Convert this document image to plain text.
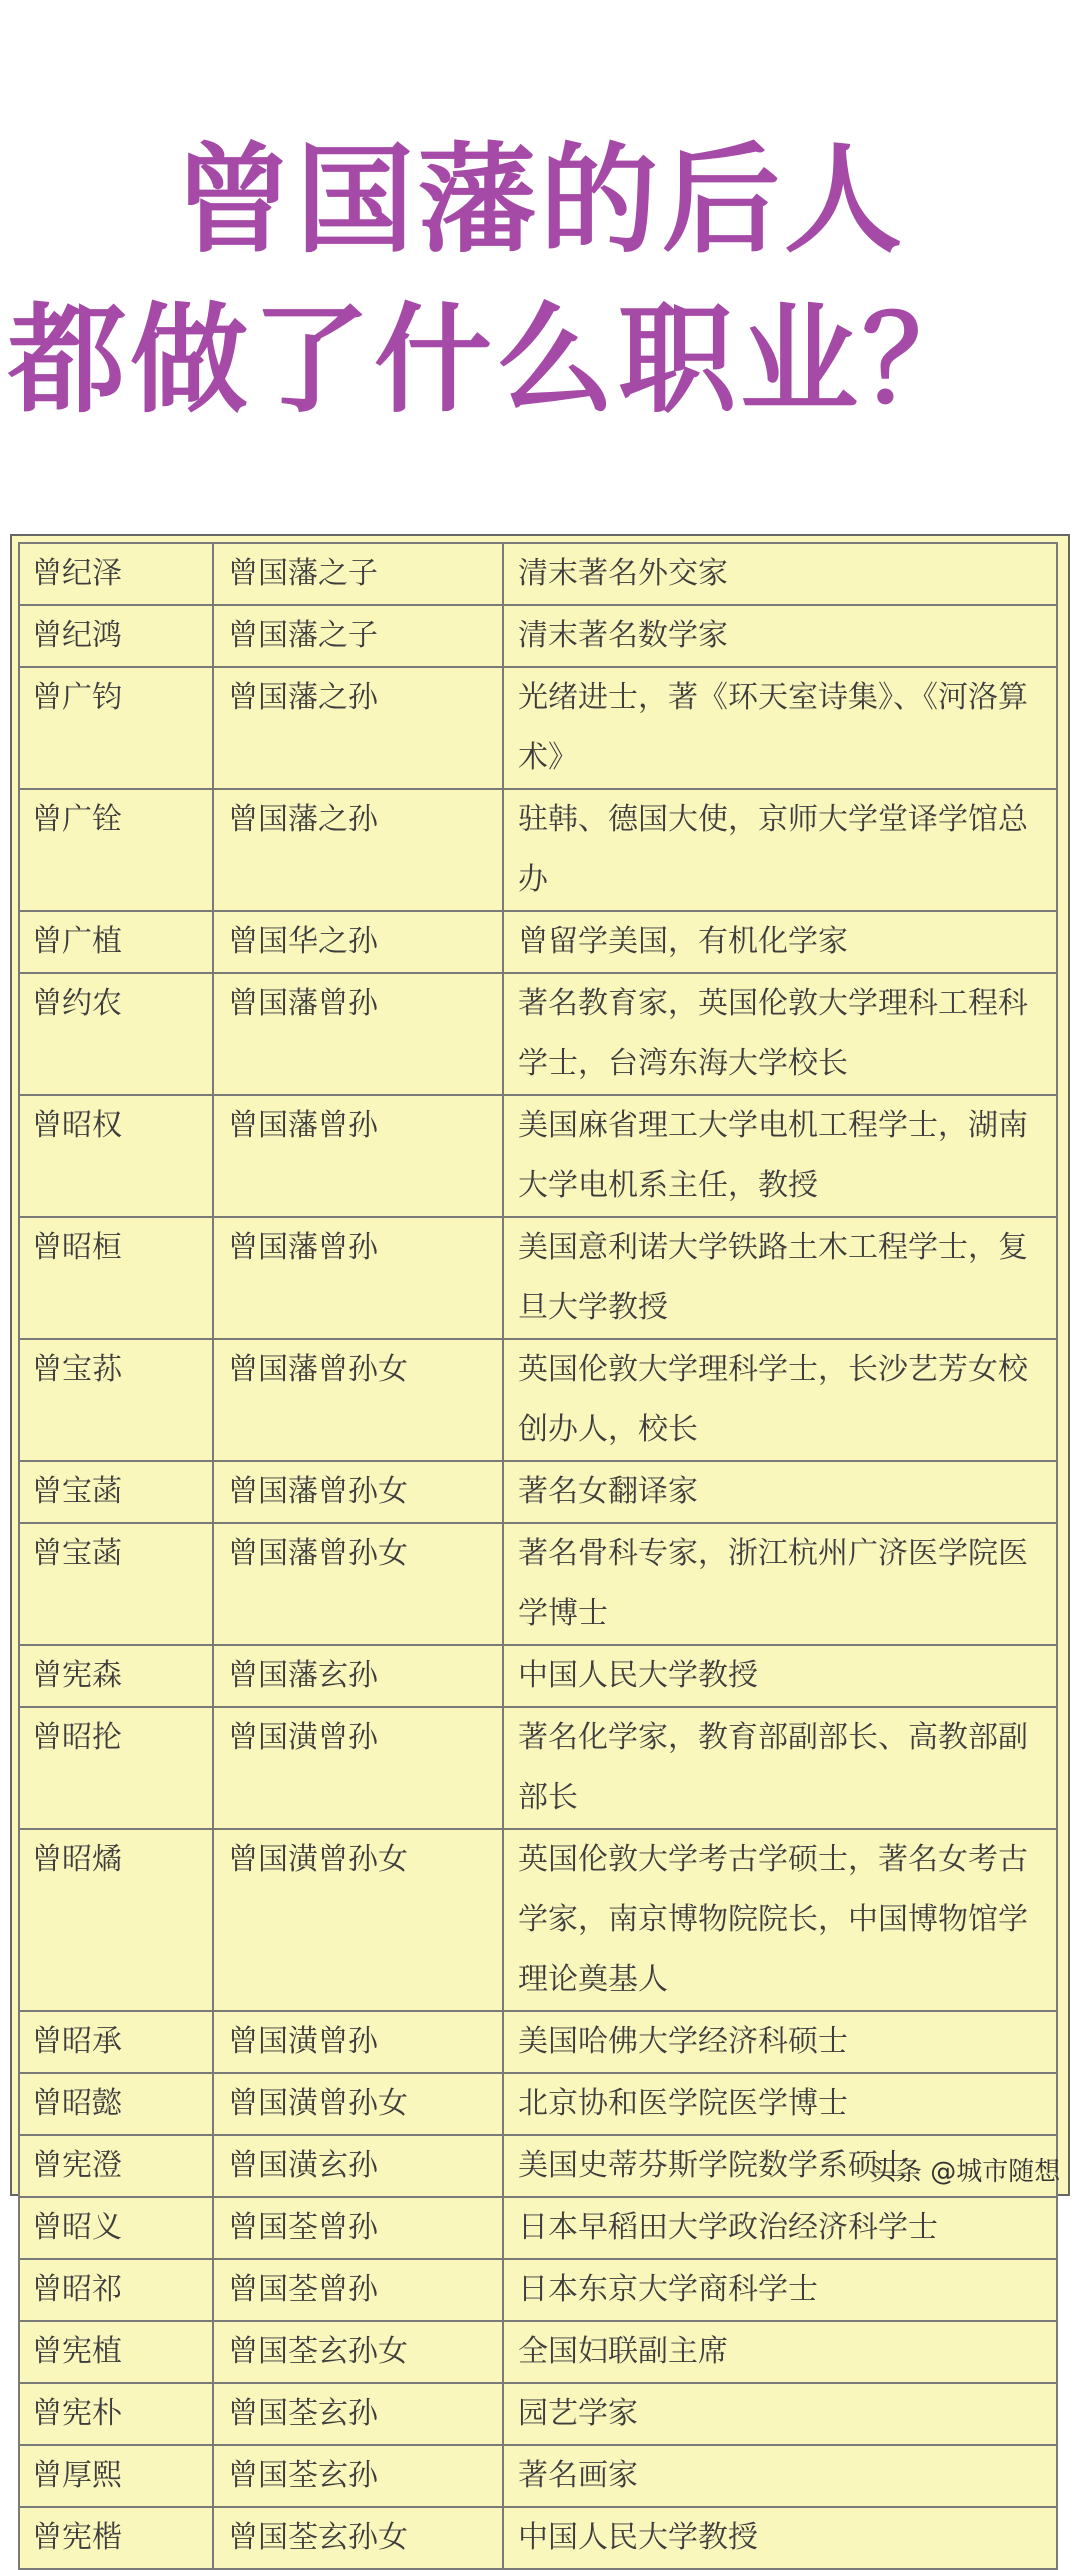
曾国藩的后人
都做了什么职业？
曾纪泽	曾国藩之子	清末著名外交家
曾纪鸿	曾国藩之子	清末著名数学家
曾广钧	曾国藩之孙	光绪进士，著《环天室诗集》、《河洛算术》
曾广铨	曾国藩之孙	驻韩、德国大使，京师大学堂译学馆总办
曾广植	曾国华之孙	曾留学美国，有机化学家
曾约农	曾国藩曾孙	著名教育家，英国伦敦大学理科工程科学士，台湾东海大学校长
曾昭权	曾国藩曾孙	美国麻省理工大学电机工程学士，湖南大学电机系主任，教授
曾昭桓	曾国藩曾孙	美国意利诺大学铁路土木工程学士，复旦大学教授
曾宝荪	曾国藩曾孙女	英国伦敦大学理科学士，长沙艺芳女校创办人，校长
曾宝菡	曾国藩曾孙女	著名女翻译家
曾宝菡	曾国藩曾孙女	著名骨科专家，浙江杭州广济医学院医学博士
曾宪森	曾国藩玄孙	中国人民大学教授
曾昭抡	曾国潢曾孙	著名化学家，教育部副部长、高教部副部长
曾昭燏	曾国潢曾孙女	英国伦敦大学考古学硕士，著名女考古学家，南京博物院院长，中国博物馆学理论奠基人
曾昭承	曾国潢曾孙	美国哈佛大学经济科硕士
曾昭懿	曾国潢曾孙女	北京协和医学院医学博士
曾宪澄	曾国潢玄孙	美国史蒂芬斯学院数学系硕士
曾昭义	曾国荃曾孙	日本早稻田大学政治经济科学士
曾昭祁	曾国荃曾孙	日本东京大学商科学士
曾宪植	曾国荃玄孙女	全国妇联副主席
曾宪朴	曾国荃玄孙	园艺学家
曾厚熙	曾国荃玄孙	著名画家
曾宪楷	曾国荃玄孙女	中国人民大学教授
头条 @城市随想
